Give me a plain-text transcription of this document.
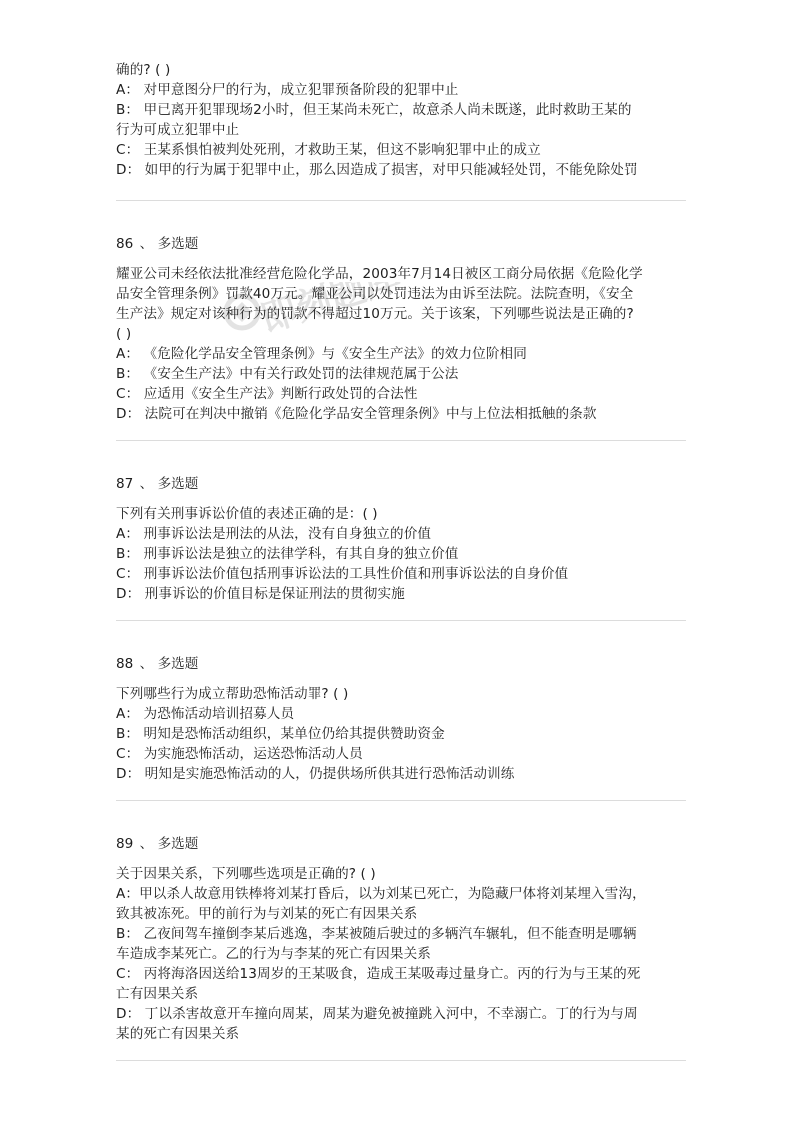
即刻题库
确的? ( )
A： 对甲意图分尸的行为，成立犯罪预备阶段的犯罪中止
B： 甲已离开犯罪现场2小时，但王某尚未死亡，故意杀人尚未既遂，此时救助王某的
行为可成立犯罪中止
C： 王某系惧怕被判处死刑，才救助王某，但这不影响犯罪中止的成立
D： 如甲的行为属于犯罪中止，那么因造成了损害，对甲只能减轻处罚，不能免除处罚
86 、 多选题
耀亚公司未经依法批准经营危险化学品，2003年7月14日被区工商分局依据《危险化学
品安全管理条例》罚款40万元。耀亚公司以处罚违法为由诉至法院。法院查明，《安全
生产法》规定对该种行为的罚款不得超过10万元。关于该案，下列哪些说法是正确的?
( )
A： 《危险化学品安全管理条例》与《安全生产法》的效力位阶相同
B： 《安全生产法》中有关行政处罚的法律规范属于公法
C： 应适用《安全生产法》判断行政处罚的合法性
D： 法院可在判决中撤销《危险化学品安全管理条例》中与上位法相抵触的条款
87 、 多选题
下列有关刑事诉讼价值的表述正确的是：( )
A： 刑事诉讼法是刑法的从法，没有自身独立的价值
B： 刑事诉讼法是独立的法律学科，有其自身的独立价值
C： 刑事诉讼法价值包括刑事诉讼法的工具性价值和刑事诉讼法的自身价值
D： 刑事诉讼的价值目标是保证刑法的贯彻实施
88 、 多选题
下列哪些行为成立帮助恐怖活动罪? ( )
A： 为恐怖活动培训招募人员
B： 明知是恐怖活动组织，某单位仍给其提供赞助资金
C： 为实施恐怖活动，运送恐怖活动人员
D： 明知是实施恐怖活动的人，仍提供场所供其进行恐怖活动训练
89 、 多选题
关于因果关系，下列哪些选项是正确的? ( )
A：甲以杀人故意用铁棒将刘某打昏后，以为刘某已死亡，为隐藏尸体将刘某埋入雪沟，
致其被冻死。甲的前行为与刘某的死亡有因果关系
B： 乙夜间驾车撞倒李某后逃逸，李某被随后驶过的多辆汽车辗轧，但不能查明是哪辆
车造成李某死亡。乙的行为与李某的死亡有因果关系
C： 丙将海洛因送给13周岁的王某吸食，造成王某吸毒过量身亡。丙的行为与王某的死
亡有因果关系
D： 丁以杀害故意开车撞向周某，周某为避免被撞跳入河中，不幸溺亡。丁的行为与周
某的死亡有因果关系
